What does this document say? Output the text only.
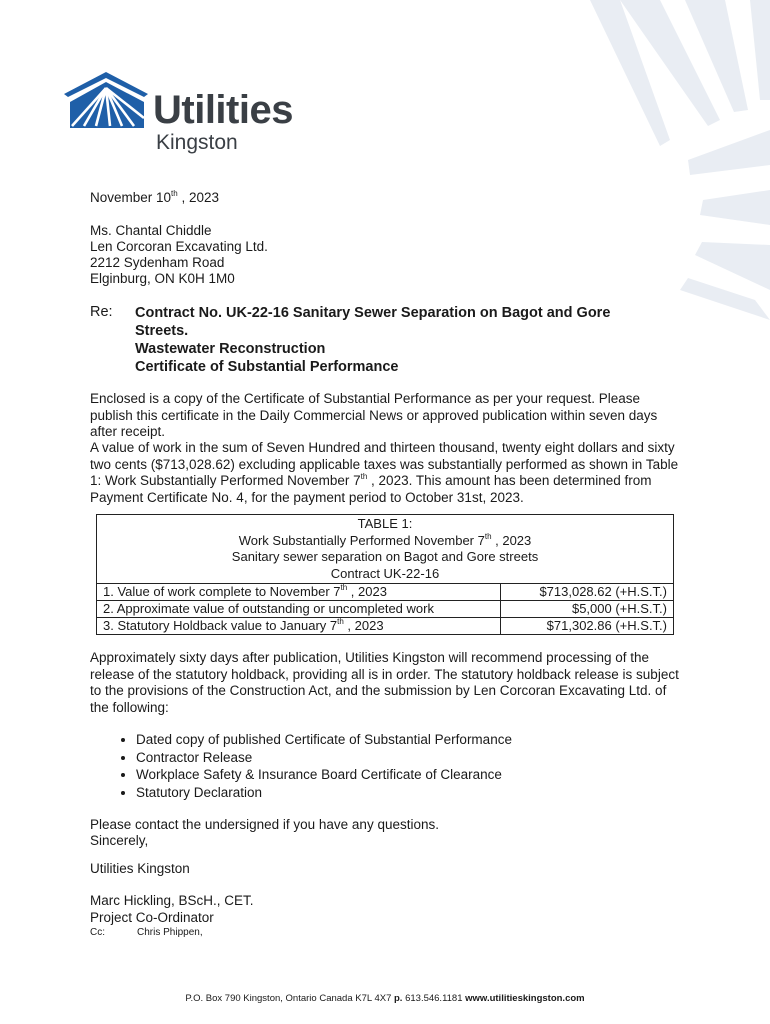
Utilities
Kingston
November 10th , 2023
Ms. Chantal Chiddle
Len Corcoran Excavating Ltd.
2212 Sydenham Road
Elginburg, ON K0H 1M0
Re: Contract No. UK-22-16 Sanitary Sewer Separation on Bagot and Gore
Streets.
Wastewater Reconstruction
Certificate of Substantial Performance

Enclosed is a copy of the Certificate of Substantial Performance as per your request. Please publish this certificate in the Daily Commercial News or approved publication within seven days after receipt.

A value of work in the sum of Seven Hundred and thirteen thousand, twenty eight dollars and sixty two cents ($713,028.62) excluding applicable taxes was substantially performed as shown in Table 1: Work Substantially Performed November 7th , 2023. This amount has been determined from Payment Certificate No. 4, for the payment period to October 31st, 2023.

TABLE 1:
Work Substantially Performed November 7th , 2023
Sanitary sewer separation on Bagot and Gore streets
Contract UK-22-16	

1. Value of work complete to November 7th , 2023	$713,028.62 (+H.S.T.)
2. Approximate value of outstanding or uncompleted work	$5,000 (+H.S.T.)
3. Statutory Holdback value to January 7th , 2023	$71,302.86 (+H.S.T.)

Approximately sixty days after publication, Utilities Kingston will recommend processing of the release of the statutory holdback, providing all is in order. The statutory holdback release is subject to the provisions of the Construction Act, and the submission by Len Corcoran Excavating Ltd. of the following:

• Dated copy of published Certificate of Substantial Performance
• Contractor Release
• Workplace Safety & Insurance Board Certificate of Clearance
• Statutory Declaration
Please contact the undersigned if you have any questions.
Sincerely,
Utilities Kingston
Marc Hickling, BScH., CET.
Project Co-Ordinator
Cc:	Chris Phippen,
P.O. Box 790 Kingston, Ontario Canada K7L 4X7 p. 613.546.1181 www.utilitieskingston.com
